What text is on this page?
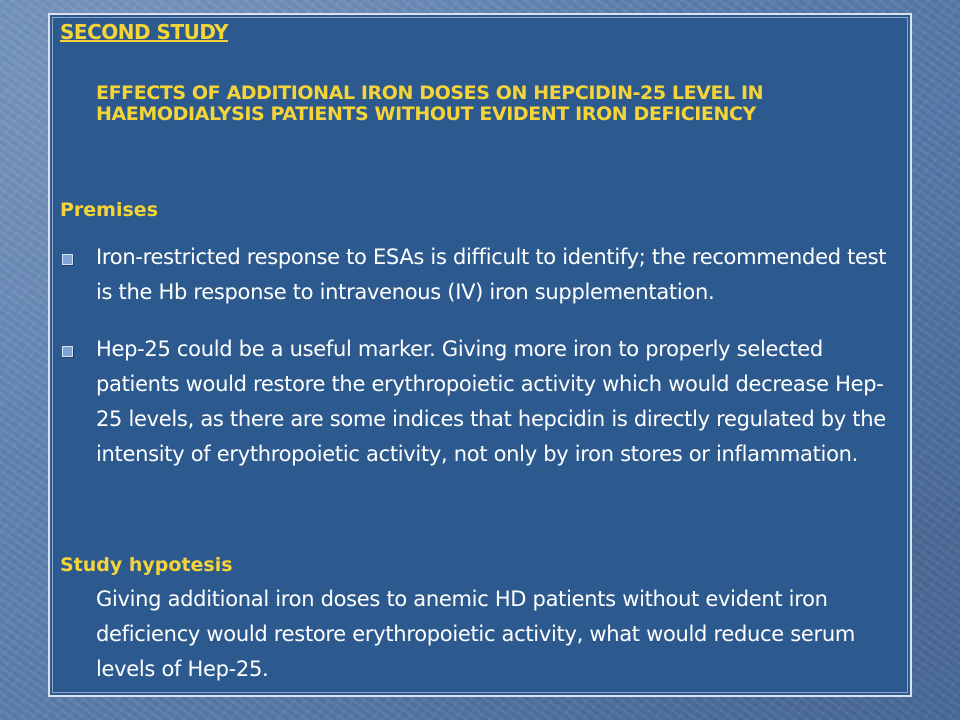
SECOND STUDY
EFFECTS OF ADDITIONAL IRON DOSES ON HEPCIDIN-25 LEVEL IN HAEMODIALYSIS PATIENTS WITHOUT EVIDENT IRON DEFICIENCY
Premises
Iron-restricted response to ESAs is difficult to identify; the recommended test is the Hb response to intravenous (IV) iron supplementation.
Hep-25 could be a useful marker. Giving more iron to properly selected patients would restore the erythropoietic activity which would decrease Hep-25 levels, as there are some indices that hepcidin is directly regulated by the intensity of erythropoietic activity, not only by iron stores or inflammation.
Study hypotesis

Giving additional iron doses to anemic HD patients without evident iron deficiency would restore erythropoietic activity, what would reduce serum levels of Hep-25.
